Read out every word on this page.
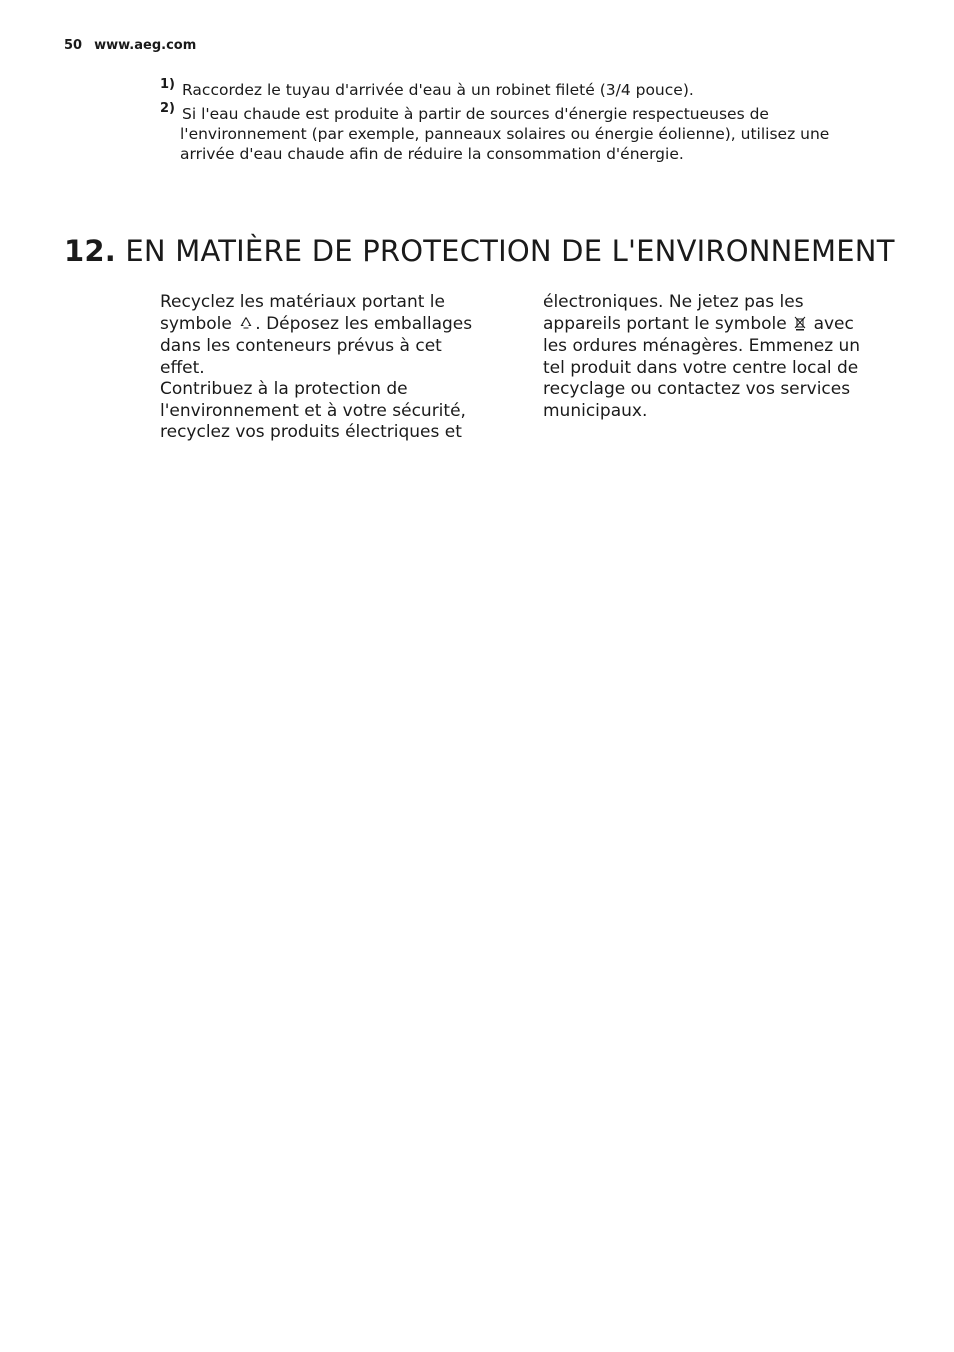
50 www.aeg.com
1) Raccordez le tuyau d'arrivée d'eau à un robinet fileté (3/4 pouce).
2) Si l'eau chaude est produite à partir de sources d'énergie respectueuses de l'environnement (par exemple, panneaux solaires ou énergie éolienne), utilisez une arrivée d'eau chaude afin de réduire la consommation d'énergie.
12. EN MATIÈRE DE PROTECTION DE L'ENVIRONNEMENT

Recyclez les matériaux portant le symbole . Déposez les emballages dans les conteneurs prévus à cet effet.

Contribuez à la protection de l'environnement et à votre sécurité, recyclez vos produits électriques et

électroniques. Ne jetez pas les appareils portant le symbole avec les ordures ménagères. Emmenez un tel produit dans votre centre local de recyclage ou contactez vos services municipaux.
